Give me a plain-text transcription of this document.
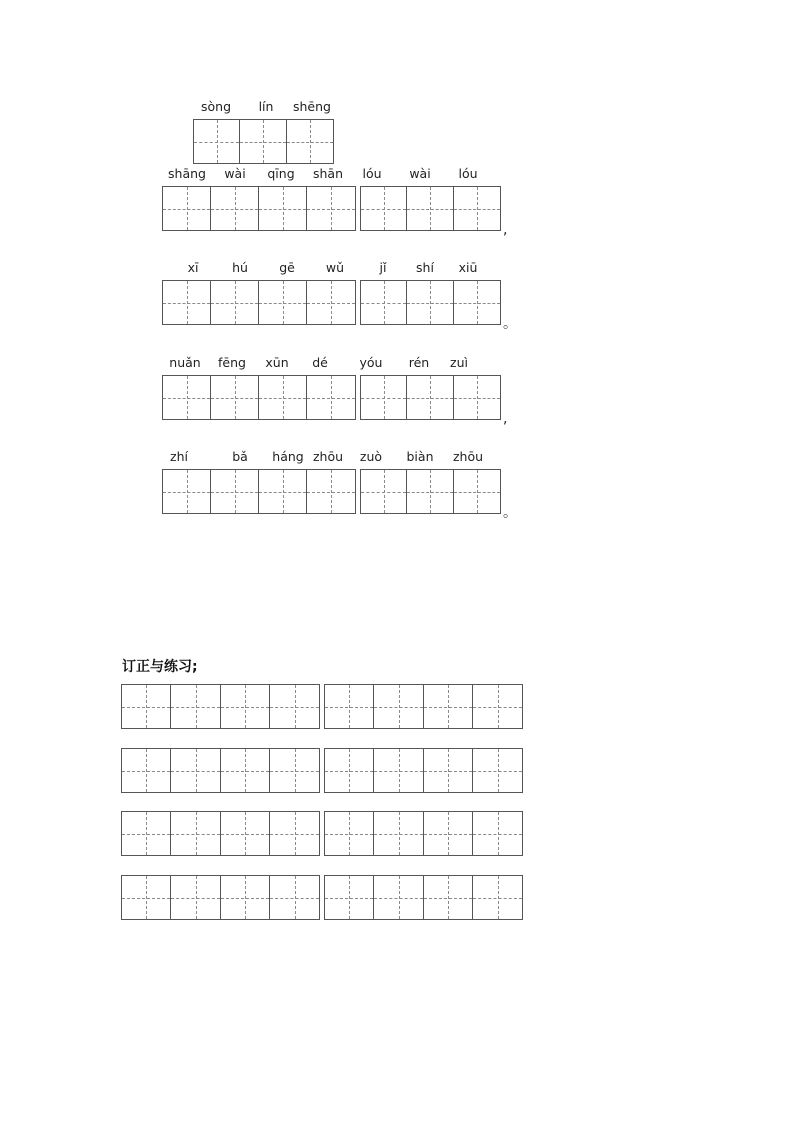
sòng	lín	shēng
shāng	wài	qīng	shān	lóu	wài	lóu
,
xī	hú	gē	wǔ	jǐ	shí	xiū
。
nuǎn	fēng	xūn	dé	yóu	rén	zuì
,
zhí	bǎ	háng zhōu	zuò	biàn	zhōu
。
订正与练习;
